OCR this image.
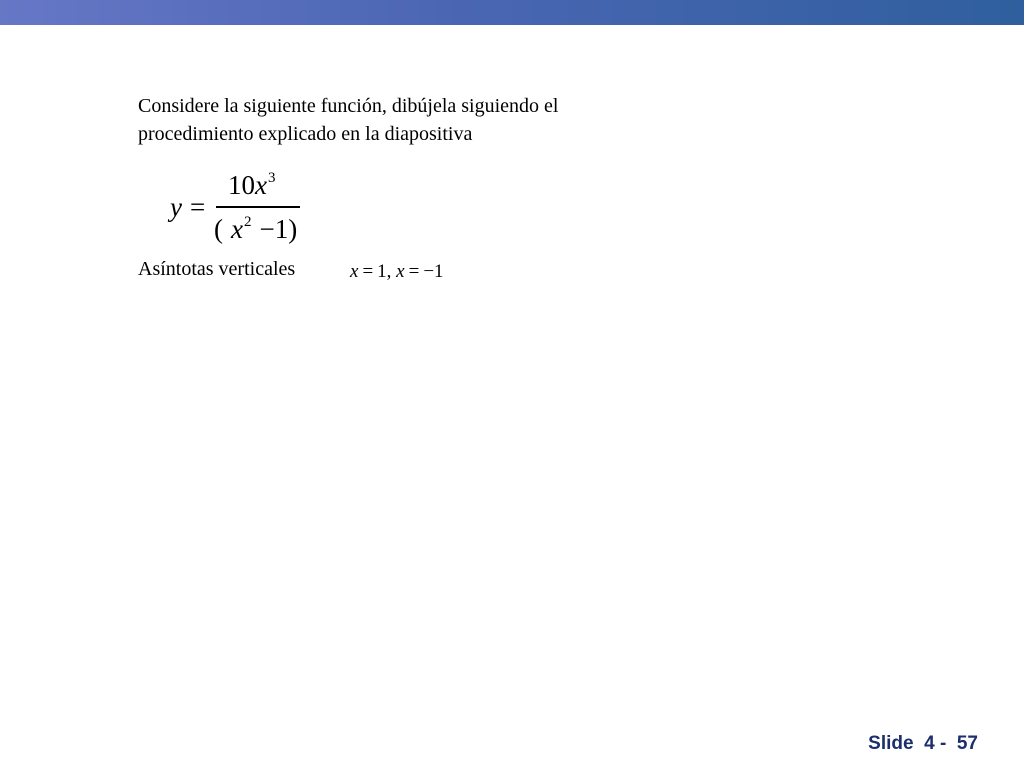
Considere la siguiente función, dibújela siguiendo el
procedimiento explicado en la diapositiva
y =
$10x^3$
( $x^2 -1$)
Asíntotas verticales	x = 1, x = −1
Slide  4 -  57
